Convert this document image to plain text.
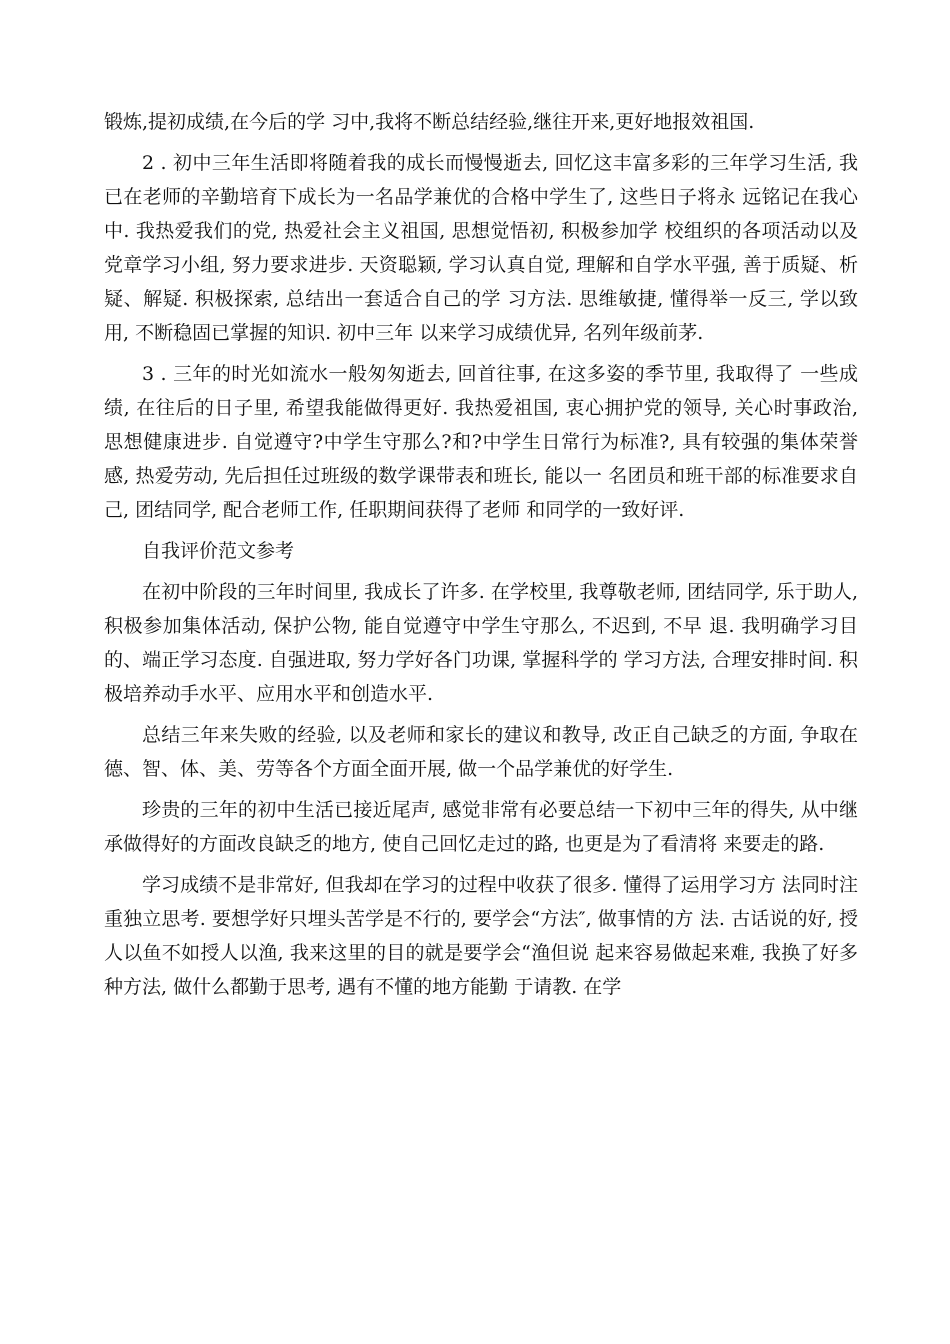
锻炼,提初成绩,在今后的学 习中,我将不断总结经验,继往开来,更好地报效祖国.

2 . 初中三年生活即将随着我的成长而慢慢逝去, 回忆这丰富多彩的三年学习生活, 我已在老师的辛勤培育下成长为一名品学兼优的合格中学生了, 这些日子将永 远铭记在我心中. 我热爱我们的党, 热爱社会主义祖国, 思想觉悟初, 积极参加学 校组织的各项活动以及党章学习小组, 努力要求进步. 天资聪颖, 学习认真自觉, 理解和自学水平强, 善于质疑、析疑、解疑. 积极探索, 总结出一套适合自己的学 习方法. 思维敏捷, 懂得举一反三, 学以致用, 不断稳固已掌握的知识. 初中三年 以来学习成绩优异, 名列年级前茅.

3 . 三年的时光如流水一般匆匆逝去, 回首往事, 在这多姿的季节里, 我取得了 一些成绩, 在往后的日子里, 希望我能做得更好. 我热爱祖国, 衷心拥护党的领导, 关心时事政治, 思想健康进步. 自觉遵守?中学生守那么?和?中学生日常行为标准?, 具有较强的集体荣誉感, 热爱劳动, 先后担任过班级的数学课带表和班长, 能以一 名团员和班干部的标准要求自己, 团结同学, 配合老师工作, 任职期间获得了老师 和同学的一致好评.

自我评价范文参考

在初中阶段的三年时间里, 我成长了许多. 在学校里, 我尊敬老师, 团结同学, 乐于助人, 积极参加集体活动, 保护公物, 能自觉遵守中学生守那么, 不迟到, 不早 退. 我明确学习目的、端正学习态度. 自强进取, 努力学好各门功课, 掌握科学的 学习方法, 合理安排时间. 积极培养动手水平、应用水平和创造水平.

总结三年来失败的经验, 以及老师和家长的建议和教导, 改正自己缺乏的方面, 争取在德、智、体、美、劳等各个方面全面开展, 做一个品学兼优的好学生.

珍贵的三年的初中生活已接近尾声, 感觉非常有必要总结一下初中三年的得失, 从中继承做得好的方面改良缺乏的地方, 使自己回忆走过的路, 也更是为了看清将 来要走的路.

学习成绩不是非常好, 但我却在学习的过程中收获了很多. 懂得了运用学习方 法同时注重独立思考. 要想学好只埋头苦学是不行的, 要学会“方法″, 做事情的方 法. 古话说的好, 授人以鱼不如授人以渔, 我来这里的目的就是要学会“渔但说 起来容易做起来难, 我换了好多种方法, 做什么都勤于思考, 遇有不懂的地方能勤 于请教. 在学
